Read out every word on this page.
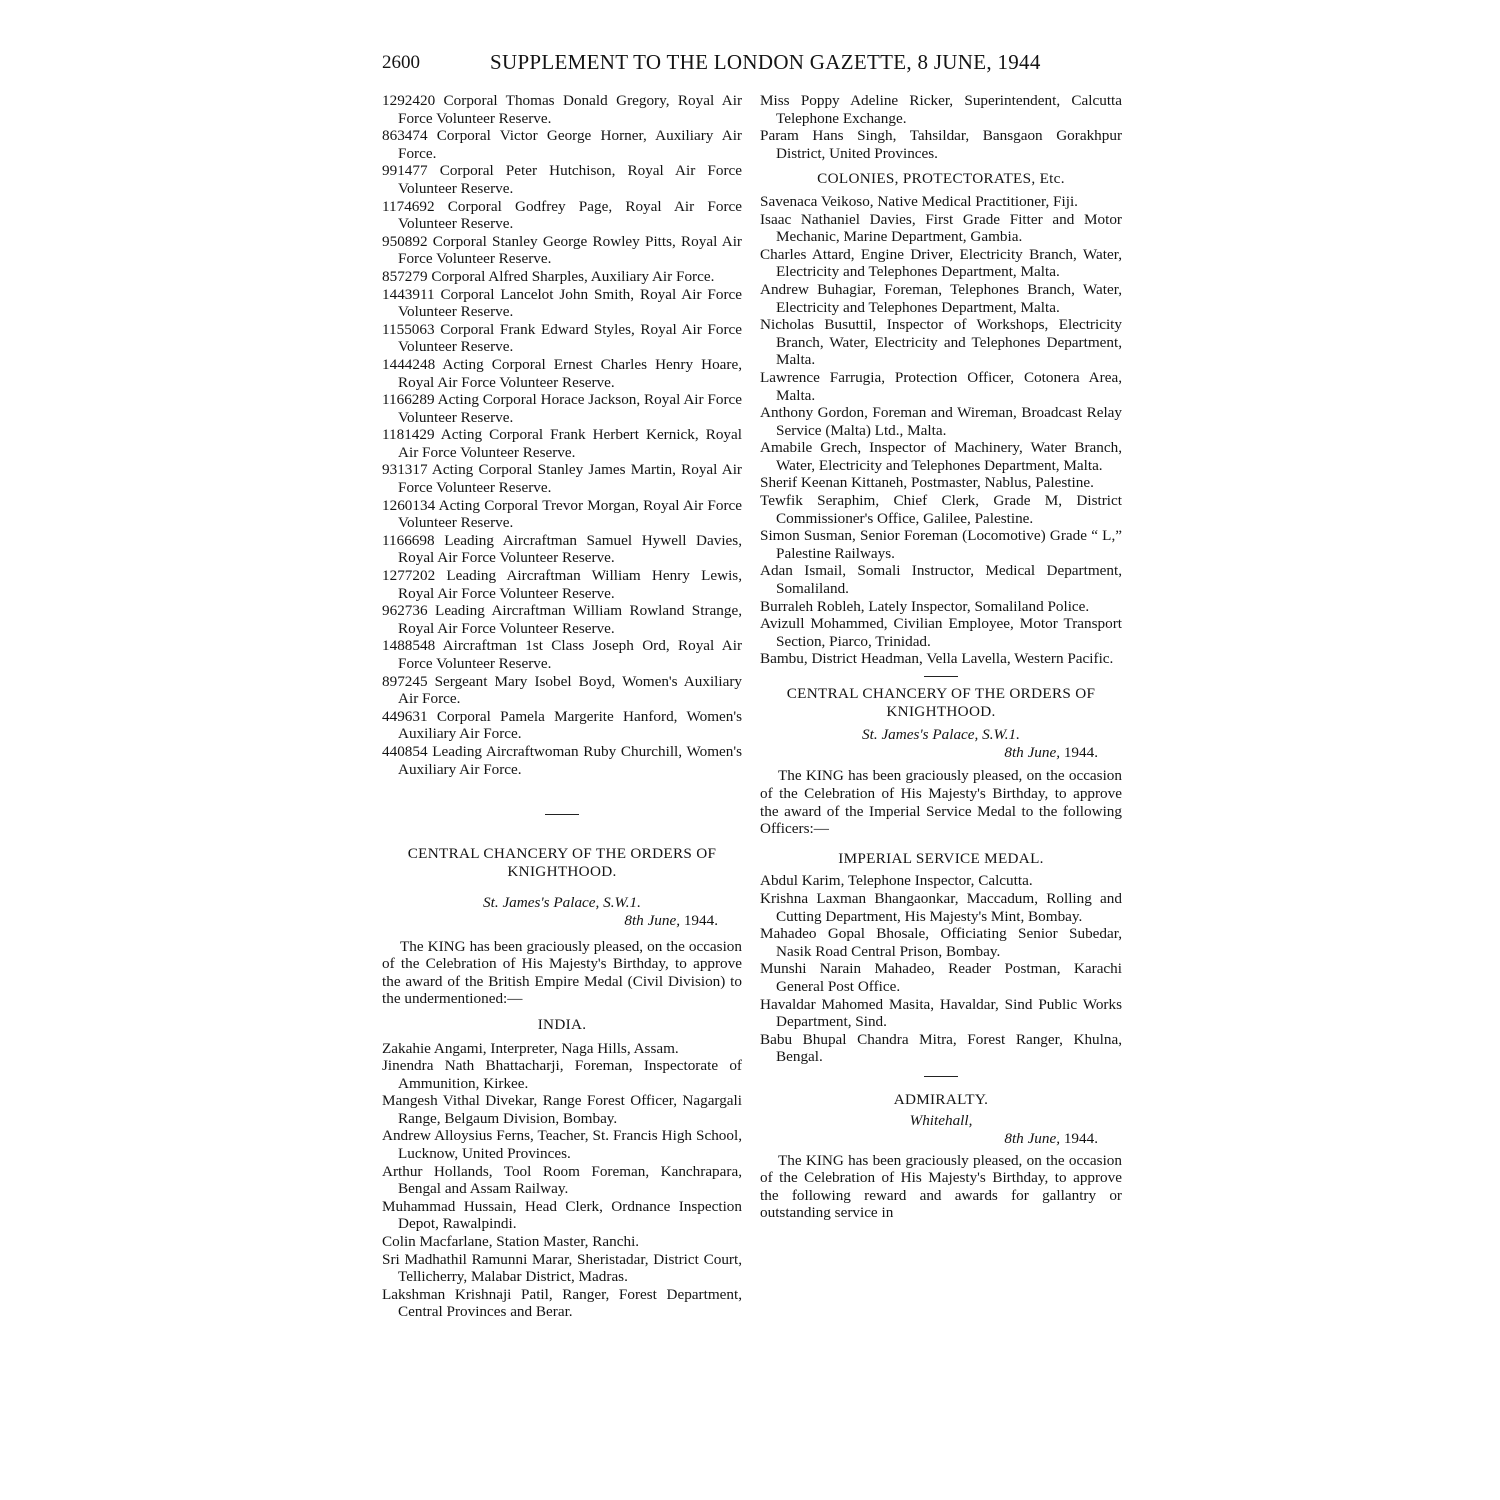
2600	SUPPLEMENT TO THE LONDON GAZETTE, 8 JUNE, 1944

1292420 Corporal Thomas Donald Gregory, Royal Air Force Volunteer Reserve.

863474 Corporal Victor George Horner, Auxiliary Air Force.

991477 Corporal Peter Hutchison, Royal Air Force Volunteer Reserve.

1174692 Corporal Godfrey Page, Royal Air Force Volunteer Reserve.

950892 Corporal Stanley George Rowley Pitts, Royal Air Force Volunteer Reserve.

857279 Corporal Alfred Sharples, Auxiliary Air Force.

1443911 Corporal Lancelot John Smith, Royal Air Force Volunteer Reserve.

1155063 Corporal Frank Edward Styles, Royal Air Force Volunteer Reserve.

1444248 Acting Corporal Ernest Charles Henry Hoare, Royal Air Force Volunteer Reserve.

1166289 Acting Corporal Horace Jackson, Royal Air Force Volunteer Reserve.

1181429 Acting Corporal Frank Herbert Kernick, Royal Air Force Volunteer Reserve.

931317 Acting Corporal Stanley James Martin, Royal Air Force Volunteer Reserve.

1260134 Acting Corporal Trevor Morgan, Royal Air Force Volunteer Reserve.

1166698 Leading Aircraftman Samuel Hywell Davies, Royal Air Force Volunteer Reserve.

1277202 Leading Aircraftman William Henry Lewis, Royal Air Force Volunteer Reserve.

962736 Leading Aircraftman William Rowland Strange, Royal Air Force Volunteer Reserve.

1488548 Aircraftman 1st Class Joseph Ord, Royal Air Force Volunteer Reserve.

897245 Sergeant Mary Isobel Boyd, Women's Auxiliary Air Force.

449631 Corporal Pamela Margerite Hanford, Women's Auxiliary Air Force.

440854 Leading Aircraftwoman Ruby Churchill, Women's Auxiliary Air Force.

CENTRAL CHANCERY OF THE ORDERS OF KNIGHTHOOD.

St. James's Palace, S.W.1.

8th June, 1944.

The KING has been graciously pleased, on the occasion of the Celebration of His Majesty's Birthday, to approve the award of the British Empire Medal (Civil Division) to the undermentioned:—

INDIA.

Zakahie Angami, Interpreter, Naga Hills, Assam.

Jinendra Nath Bhattacharji, Foreman, Inspectorate of Ammunition, Kirkee.

Mangesh Vithal Divekar, Range Forest Officer, Nagargali Range, Belgaum Division, Bombay.

Andrew Alloysius Ferns, Teacher, St. Francis High School, Lucknow, United Provinces.

Arthur Hollands, Tool Room Foreman, Kanchrapara, Bengal and Assam Railway.

Muhammad Hussain, Head Clerk, Ordnance Inspection Depot, Rawalpindi.

Colin Macfarlane, Station Master, Ranchi.

Sri Madhathil Ramunni Marar, Sheristadar, District Court, Tellicherry, Malabar District, Madras.

Lakshman Krishnaji Patil, Ranger, Forest Department, Central Provinces and Berar.

Miss Poppy Adeline Ricker, Superintendent, Calcutta Telephone Exchange.

Param Hans Singh, Tahsildar, Bansgaon Gorakhpur District, United Provinces.

COLONIES, PROTECTORATES, Etc.

Savenaca Veikoso, Native Medical Practitioner, Fiji.

Isaac Nathaniel Davies, First Grade Fitter and Motor Mechanic, Marine Department, Gambia.

Charles Attard, Engine Driver, Electricity Branch, Water, Electricity and Telephones Department, Malta.

Andrew Buhagiar, Foreman, Telephones Branch, Water, Electricity and Telephones Department, Malta.

Nicholas Busuttil, Inspector of Workshops, Electricity Branch, Water, Electricity and Telephones Department, Malta.

Lawrence Farrugia, Protection Officer, Cotonera Area, Malta.

Anthony Gordon, Foreman and Wireman, Broadcast Relay Service (Malta) Ltd., Malta.

Amabile Grech, Inspector of Machinery, Water Branch, Water, Electricity and Telephones Department, Malta.

Sherif Keenan Kittaneh, Postmaster, Nablus, Palestine.

Tewfik Seraphim, Chief Clerk, Grade M, District Commissioner's Office, Galilee, Palestine.

Simon Susman, Senior Foreman (Locomotive) Grade “ L,” Palestine Railways.

Adan Ismail, Somali Instructor, Medical Department, Somaliland.

Burraleh Robleh, Lately Inspector, Somaliland Police.

Avizull Mohammed, Civilian Employee, Motor Transport Section, Piarco, Trinidad.

Bambu, District Headman, Vella Lavella, Western Pacific.

CENTRAL CHANCERY OF THE ORDERS OF KNIGHTHOOD.

St. James's Palace, S.W.1.

8th June, 1944.

The KING has been graciously pleased, on the occasion of the Celebration of His Majesty's Birthday, to approve the award of the Imperial Service Medal to the following Officers:—

IMPERIAL SERVICE MEDAL.

Abdul Karim, Telephone Inspector, Calcutta.

Krishna Laxman Bhangaonkar, Maccadum, Rolling and Cutting Department, His Majesty's Mint, Bombay.

Mahadeo Gopal Bhosale, Officiating Senior Subedar, Nasik Road Central Prison, Bombay.

Munshi Narain Mahadeo, Reader Postman, Karachi General Post Office.

Havaldar Mahomed Masita, Havaldar, Sind Public Works Department, Sind.

Babu Bhupal Chandra Mitra, Forest Ranger, Khulna, Bengal.

ADMIRALTY.

Whitehall,

8th June, 1944.

The KING has been graciously pleased, on the occasion of the Celebration of His Majesty's Birthday, to approve the following reward and awards for gallantry or outstanding service in
